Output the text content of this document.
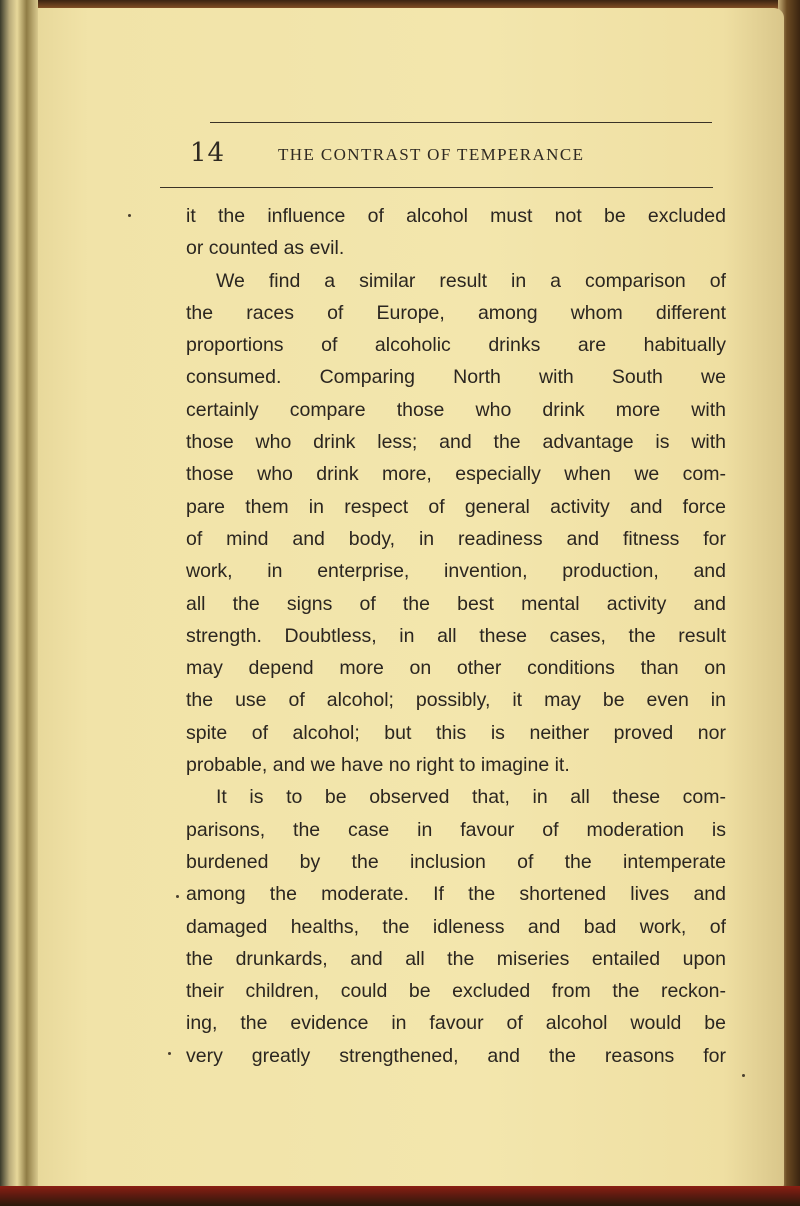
14	THE CONTRAST OF TEMPERANCE
it the influence of alcohol must not be excluded
or counted as evil.
We find a similar result in a comparison of
the races of Europe, among whom different
proportions of alcoholic drinks are habitually
consumed. Comparing North with South we
certainly compare those who drink more with
those who drink less; and the advantage is with
those who drink more, especially when we com-
pare them in respect of general activity and force
of mind and body, in readiness and fitness for
work, in enterprise, invention, production, and
all the signs of the best mental activity and
strength. Doubtless, in all these cases, the result
may depend more on other conditions than on
the use of alcohol; possibly, it may be even in
spite of alcohol; but this is neither proved nor
probable, and we have no right to imagine it.
It is to be observed that, in all these com-
parisons, the case in favour of moderation is
burdened by the inclusion of the intemperate
among the moderate. If the shortened lives and
damaged healths, the idleness and bad work, of
the drunkards, and all the miseries entailed upon
their children, could be excluded from the reckon-
ing, the evidence in favour of alcohol would be
very greatly strengthened, and the reasons for
